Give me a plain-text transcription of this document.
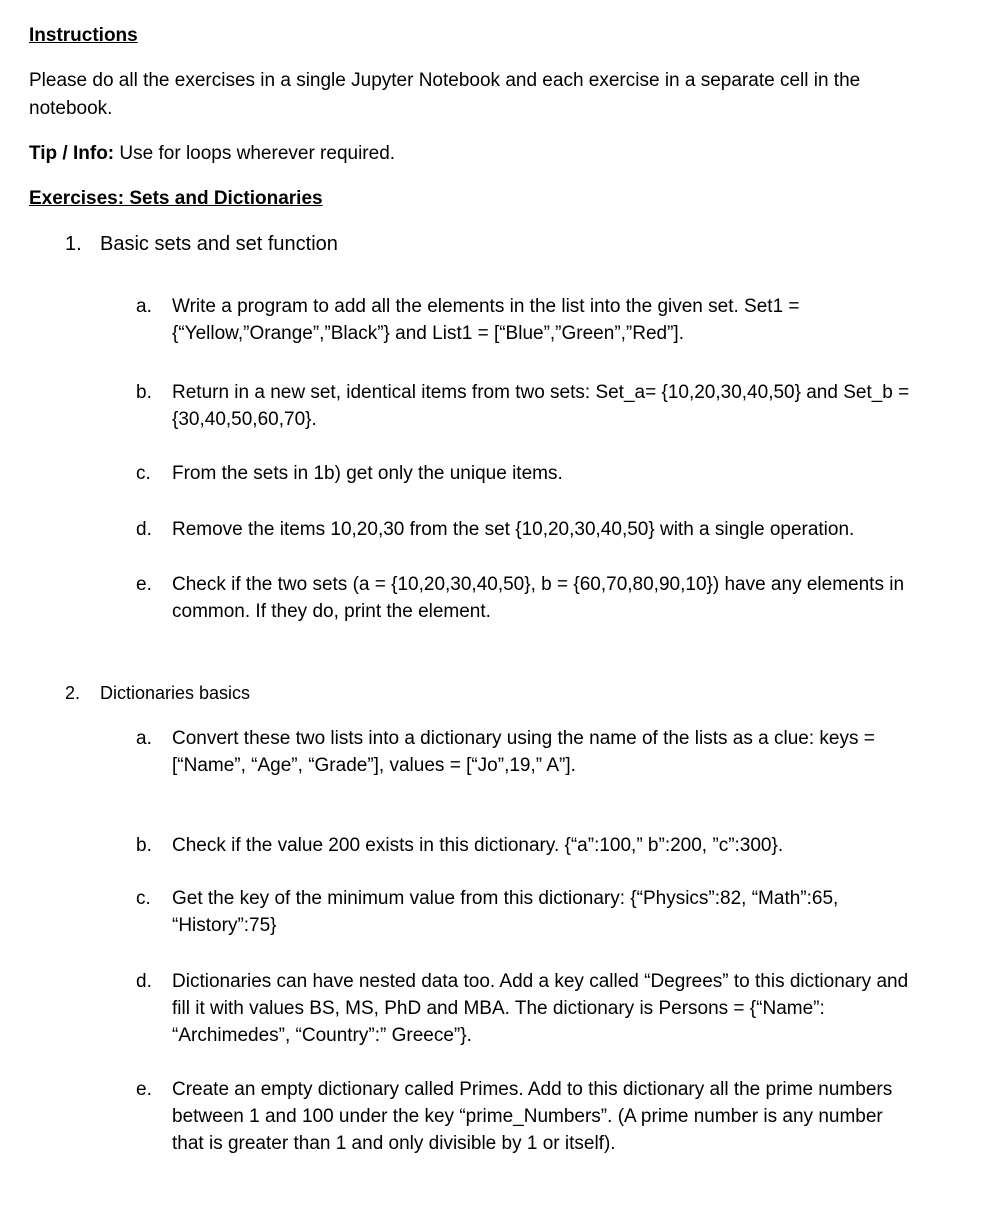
Instructions

Please do all the exercises in a single Jupyter Notebook and each exercise in a separate cell in the

notebook.

Tip / Info: Use for loops wherever required.

Exercises: Sets and Dictionaries

1. Basic sets and set function

a. Write a program to add all the elements in the list into the given set. Set1 =
{“Yellow,”Orange”,”Black”} and List1 = [“Blue”,”Green”,”Red”].

b. Return in a new set, identical items from two sets: Set_a= {10,20,30,40,50} and Set_b =
{30,40,50,60,70}.

c. From the sets in 1b) get only the unique items.

d. Remove the items 10,20,30 from the set {10,20,30,40,50} with a single operation.

e. Check if the two sets (a = {10,20,30,40,50}, b = {60,70,80,90,10}) have any elements in
common. If they do, print the element.

2. Dictionaries basics

a. Convert these two lists into a dictionary using the name of the lists as a clue: keys =
[“Name”, “Age”, “Grade”], values = [“Jo”,19,” A”].

b. Check if the value 200 exists in this dictionary. {“a”:100,” b”:200, ”c”:300}.

c. Get the key of the minimum value from this dictionary: {“Physics”:82, “Math”:65,
“History”:75}

d. Dictionaries can have nested data too. Add a key called “Degrees” to this dictionary and
fill it with values BS, MS, PhD and MBA. The dictionary is Persons = {“Name”:
“Archimedes”, “Country”:” Greece”}.

e. Create an empty dictionary called Primes. Add to this dictionary all the prime numbers
between 1 and 100 under the key “prime_Numbers”. (A prime number is any number
that is greater than 1 and only divisible by 1 or itself).
